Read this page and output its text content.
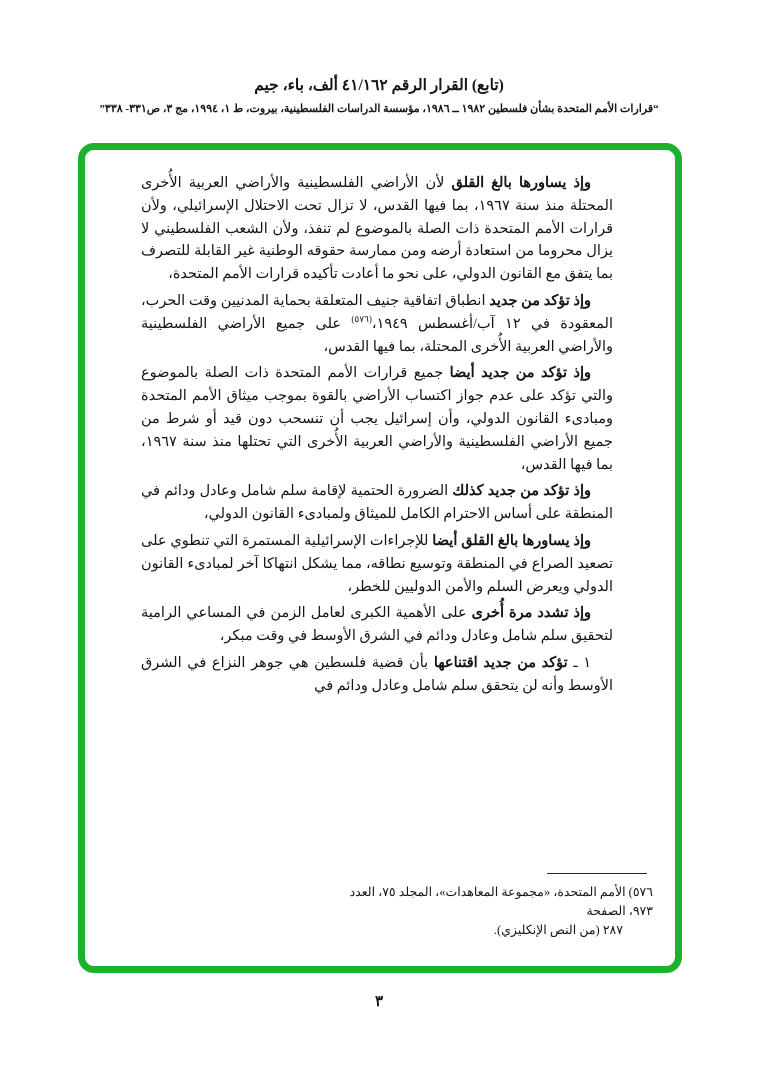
(تابع) القرار الرقم ٤١/١٦٢ ألف، باء، جيم
“قرارات الأمم المتحدة بشأن فلسطين ١٩٨٢ ــ ١٩٨٦، مؤسسة الدراسات الفلسطينية، بيروت، ط ١، ١٩٩٤، مج ٣، ص٣٣١- ٣٣٨”

وإذ يساورها بالغ القلق لأن الأراضي الفلسطينية والأراضي العربية الأُخرى المحتلة منذ سنة ١٩٦٧، بما فيها القدس، لا تزال تحت الاحتلال الإسرائيلي، ولأن قرارات الأمم المتحدة ذات الصلة بالموضوع لم تنفذ، ولأن الشعب الفلسطيني لا يزال محروما من استعادة أرضه ومن ممارسة حقوقه الوطنية غير القابلة للتصرف بما يتفق مع القانون الدولي، على نحو ما أعادت تأكيده قرارات الأمم المتحدة،

وإذ تؤكد من جديد انطباق اتفاقية جنيف المتعلقة بحماية المدنيين وقت الحرب، المعقودة في ١٢ آب/أغسطس ١٩٤٩،$^{(٥٧٦)}$ على جميع الأراضي الفلسطينية والأراضي العربية الأُخرى المحتلة، بما فيها القدس،

وإذ تؤكد من جديد أيضا جميع قرارات الأمم المتحدة ذات الصلة بالموضوع والتي تؤكد على عدم جواز اكتساب الأراضي بالقوة بموجب ميثاق الأمم المتحدة ومبادىء القانون الدولي، وأن إسرائيل يجب أن تنسحب دون قيد أو شرط من جميع الأراضي الفلسطينية والأراضي العربية الأُخرى التي تحتلها منذ سنة ١٩٦٧، بما فيها القدس،

وإذ تؤكد من جديد كذلك الضرورة الحتمية لإقامة سلم شامل وعادل ودائم في المنطقة على أساس الاحترام الكامل للميثاق ولمبادىء القانون الدولي،

وإذ يساورها بالغ القلق أيضا للإجراءات الإسرائيلية المستمرة التي تنطوي على تصعيد الصراع في المنطقة وتوسيع نطاقه، مما يشكل انتهاكا آخر لمبادىء القانون الدولي ويعرض السلم والأمن الدوليين للخطر،

وإذ تشدد مرة أُخرى على الأهمية الكبرى لعامل الزمن في المساعي الرامية لتحقيق سلم شامل وعادل ودائم في الشرق الأوسط في وقت مبكر،

١ ـ تؤكد من جديد اقتناعها بأن قضية فلسطين هي جوهر النزاع في الشرق الأوسط وأنه لن يتحقق سلم شامل وعادل ودائم في

٥٧٦) الأمم المتحدة، «مجموعة المعاهدات»، المجلد ٧٥، العدد ٩٧٣، الصفحة
٢٨٧ (من النص الإنكليزي).
٣
